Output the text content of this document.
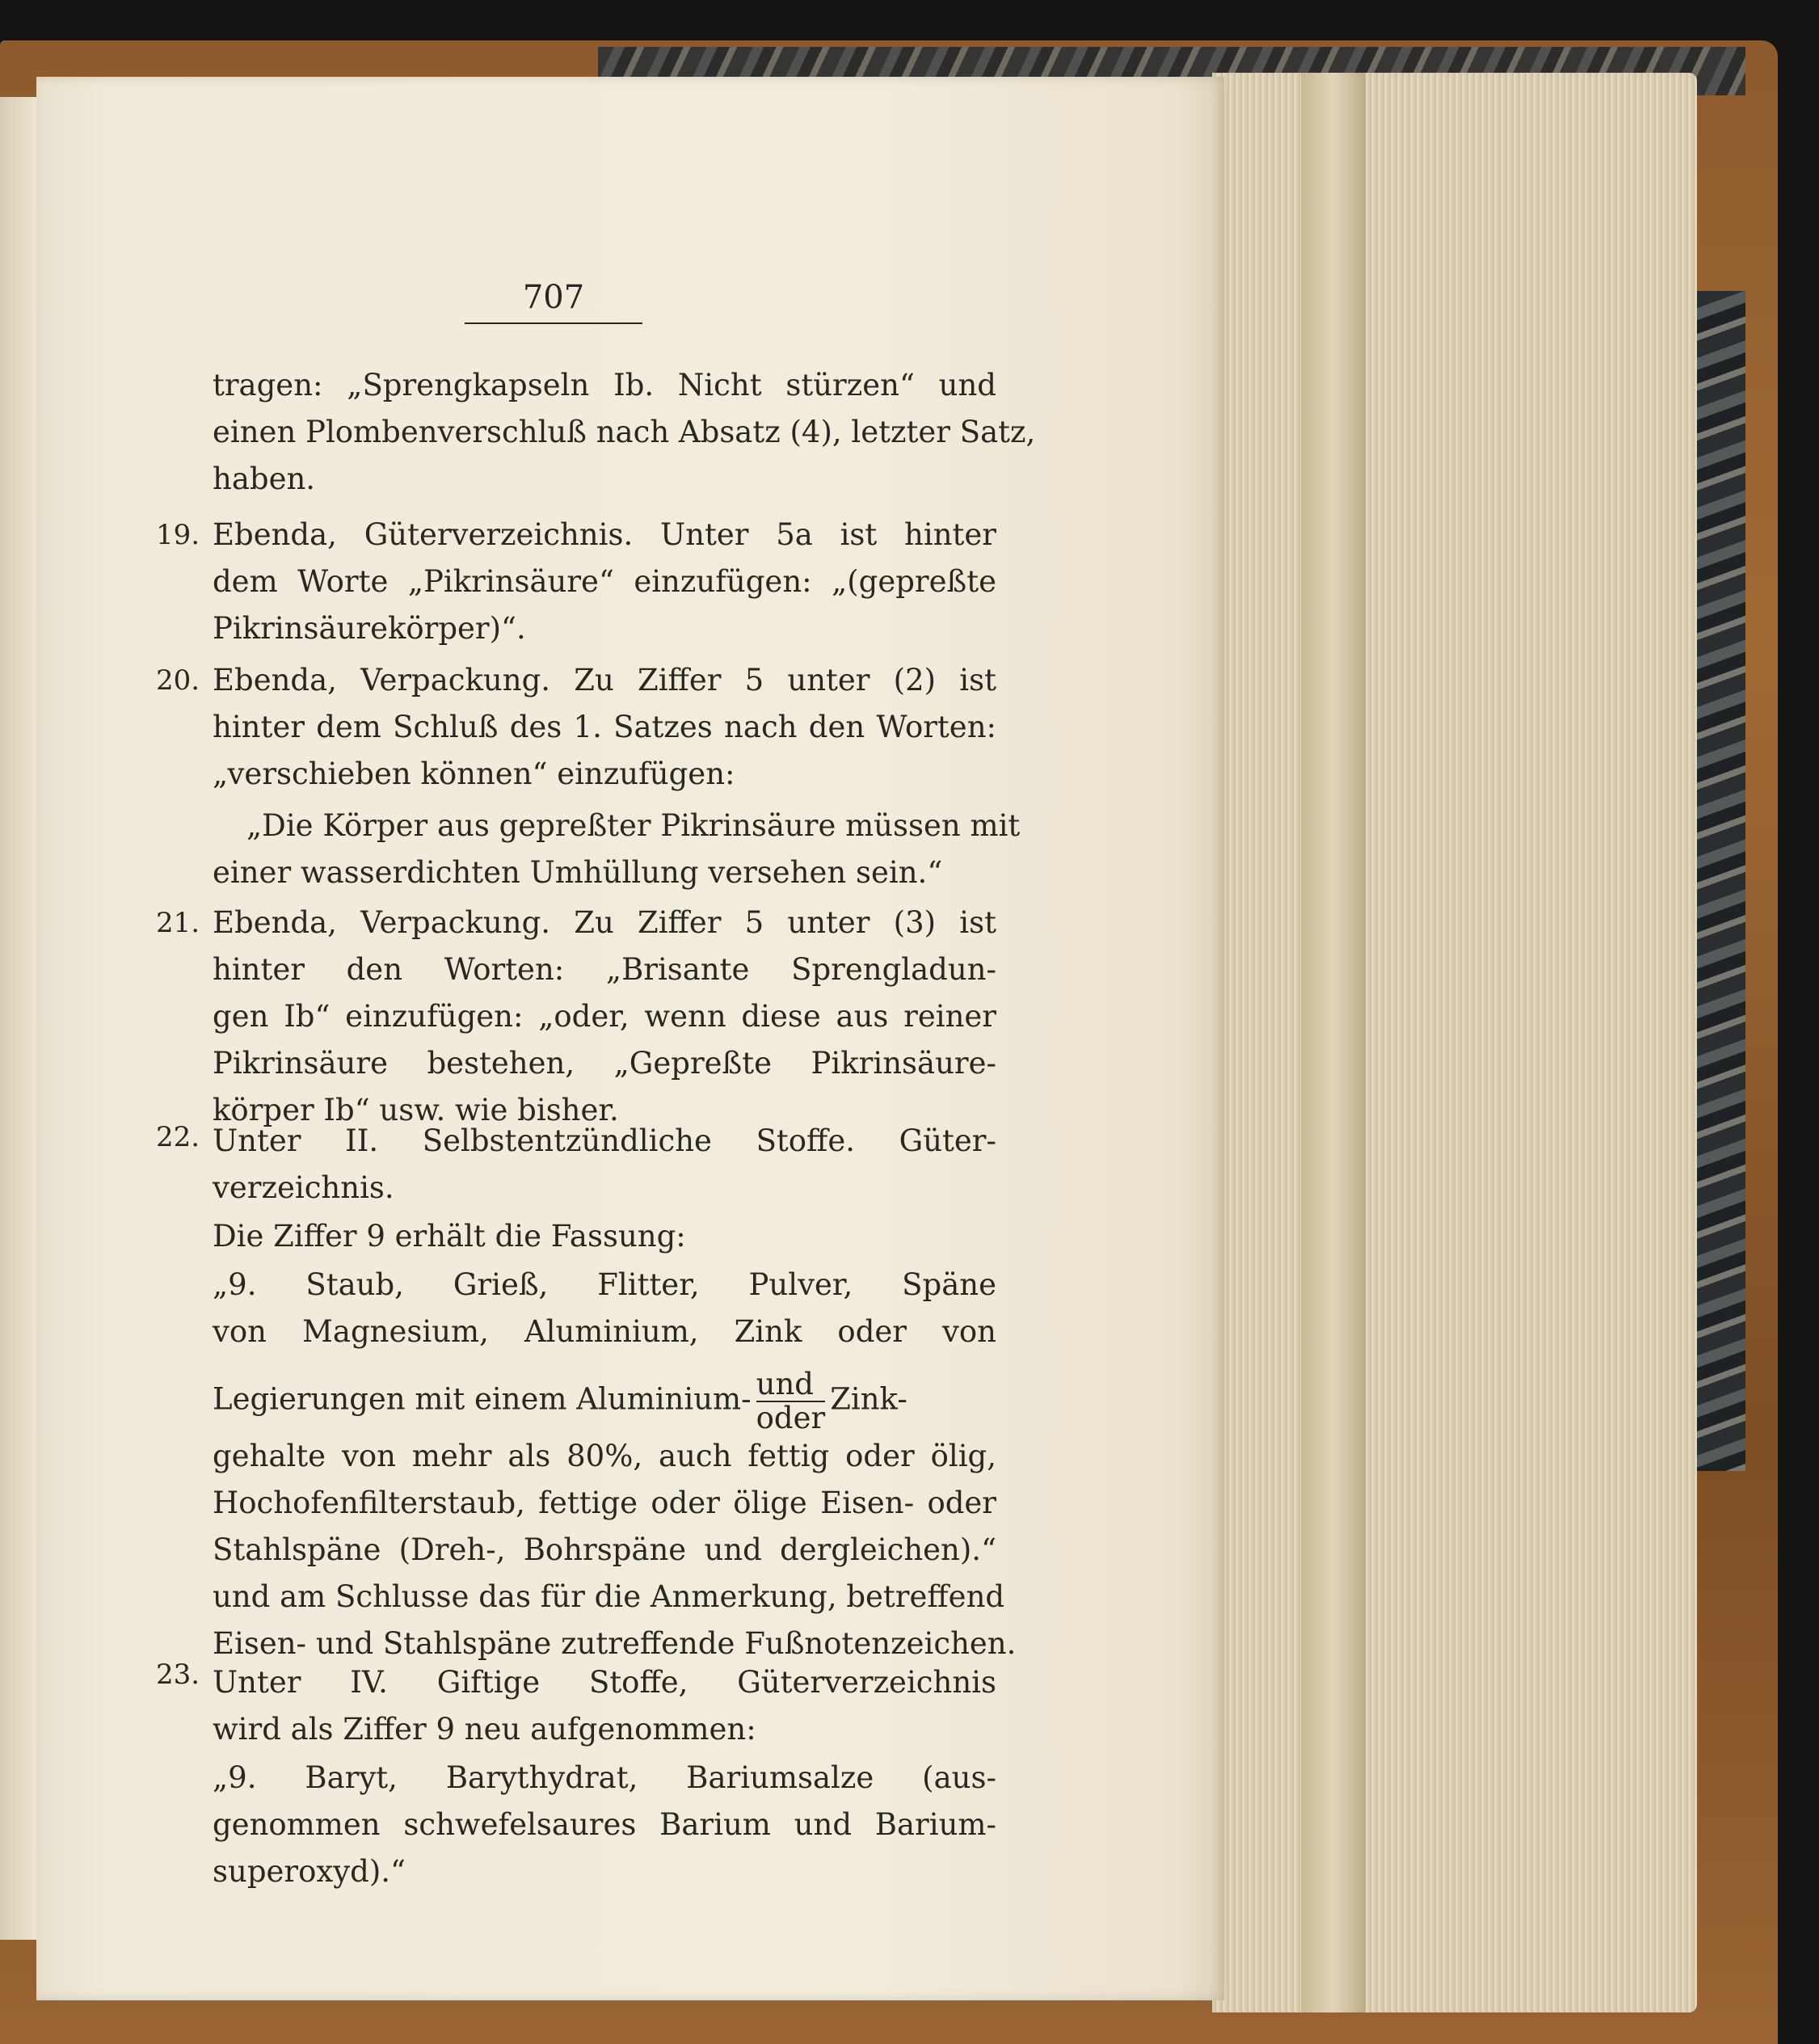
707
tragen: „Sprengkapseln Ib. Nicht stürzen“ und
einen Plombenverschluß nach Absatz (4), letzter Satz,
haben.
19. Ebenda, Güterverzeichnis. Unter 5a ist hinter
dem Worte „Pikrinsäure“ einzufügen: „(gepreßte
Pikrinsäurekörper)“.
20. Ebenda, Verpackung. Zu Ziffer 5 unter (2) ist
hinter dem Schluß des 1. Satzes nach den Worten:
„verschieben können“ einzufügen:
„Die Körper aus gepreßter Pikrinsäure müssen mit
einer wasserdichten Umhüllung versehen sein.“
21. Ebenda, Verpackung. Zu Ziffer 5 unter (3) ist
hinter den Worten: „Brisante Sprengladun-
gen Ib“ einzufügen: „oder, wenn diese aus reiner
Pikrinsäure bestehen, „Gepreßte Pikrinsäure-
körper Ib“ usw. wie bisher.
22. Unter II. Selbstentzündliche Stoffe. Güter-
verzeichnis.
Die Ziffer 9 erhält die Fassung:
„9. Staub, Grieß, Flitter, Pulver, Späne
von Magnesium, Aluminium, Zink oder von
Legierungen mit einem Aluminium- $\frac{\text{und}}{\text{oder}}$ Zink-
gehalte von mehr als 80%, auch fettig oder ölig,
Hochofenfilterstaub, fettige oder ölige Eisen- oder
Stahlspäne (Dreh-, Bohrspäne und dergleichen).“
und am Schlusse das für die Anmerkung, betreffend
Eisen- und Stahlspäne zutreffende Fußnotenzeichen.
23. Unter IV. Giftige Stoffe, Güterverzeichnis
wird als Ziffer 9 neu aufgenommen:
„9. Baryt, Barythydrat, Bariumsalze (aus-
genommen schwefelsaures Barium und Barium-
superoxyd).“
